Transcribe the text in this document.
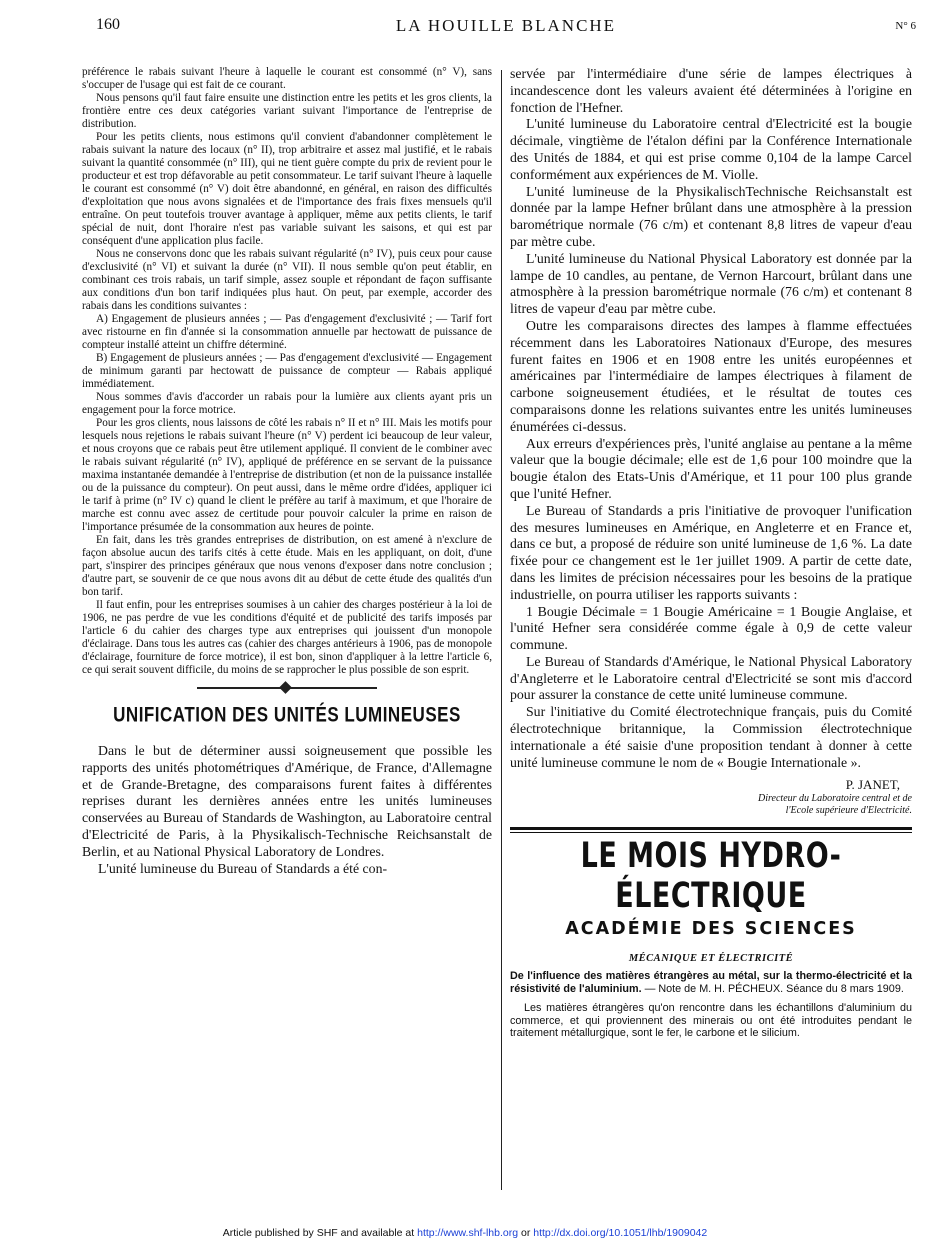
160	LA HOUILLE BLANCHE	N° 6

préférence le rabais suivant l'heure à laquelle le courant est consommé (n° V), sans s'occuper de l'usage qui est fait de ce courant.

Nous pensons qu'il faut faire ensuite une distinction entre les petits et les gros clients, la frontière entre ces deux catégories variant suivant l'importance de l'entreprise de distribution.

Pour les petits clients, nous estimons qu'il convient d'abandonner complètement le rabais suivant la nature des locaux (n° II), trop arbitraire et assez mal justifié, et le rabais suivant la quantité consommée (n° III), qui ne tient guère compte du prix de revient pour le producteur et est trop défavorable au petit consommateur. Le tarif suivant l'heure à laquelle le courant est consommé (n° V) doit être abandonné, en général, en raison des difficultés d'exploitation que nous avons signalées et de l'importance des frais fixes mensuels qu'il entraîne. On peut toutefois trouver avantage à appliquer, même aux petits clients, le tarif spécial de nuit, dont l'horaire n'est pas variable suivant les saisons, et qui est par conséquent d'une application plus facile.

Nous ne conservons donc que les rabais suivant régularité (n° IV), puis ceux pour cause d'exclusivité (n° VI) et suivant la durée (n° VII). Il nous semble qu'on peut établir, en combinant ces trois rabais, un tarif simple, assez souple et répondant de façon suffisante aux conditions d'un bon tarif indiquées plus haut. On peut, par exemple, accorder des rabais dans les conditions suivantes :

A) Engagement de plusieurs années ; — Pas d'engagement d'exclusivité ; — Tarif fort avec ristourne en fin d'année si la consommation annuelle par hectowatt de puissance de compteur installé atteint un chiffre déterminé.

B) Engagement de plusieurs années ; — Pas d'engagement d'exclusivité — Engagement de minimum garanti par hectowatt de puissance de compteur — Rabais appliqué immédiatement.

Nous sommes d'avis d'accorder un rabais pour la lumière aux clients ayant pris un engagement pour la force motrice.

Pour les gros clients, nous laissons de côté les rabais n° II et n° III. Mais les motifs pour lesquels nous rejetions le rabais suivant l'heure (n° V) perdent ici beaucoup de leur valeur, et nous croyons que ce rabais peut être utilement appliqué. Il convient de le combiner avec le rabais suivant régularité (n° IV), appliqué de préférence en se servant de la puissance maxima instantanée demandée à l'entreprise de distribution (et non de la puissance installée ou de la puissance du compteur). On peut aussi, dans le même ordre d'idées, appliquer ici le tarif à prime (n° IV c) quand le client le préfère au tarif à maximum, et que l'horaire de marche est connu avec assez de certitude pour pouvoir calculer la prime en raison de l'importance présumée de la consommation aux heures de pointe.

En fait, dans les très grandes entreprises de distribution, on est amené à n'exclure de façon absolue aucun des tarifs cités à cette étude. Mais en les appliquant, on doit, d'une part, s'inspirer des principes généraux que nous venons d'exposer dans notre conclusion ; d'autre part, se souvenir de ce que nous avons dit au début de cette étude des qualités d'un bon tarif.

Il faut enfin, pour les entreprises soumises à un cahier des charges postérieur à la loi de 1906, ne pas perdre de vue les conditions d'équité et de publicité des tarifs imposés par l'article 6 du cahier des charges type aux entreprises qui jouissent d'un monopole d'éclairage. Dans tous les autres cas (cahier des charges antérieurs à 1906, pas de monopole d'éclairage, fourniture de force motrice), il est bon, sinon d'appliquer à la lettre l'article 6, ce qui serait souvent difficile, du moins de se rapprocher le plus possible de son esprit.

UNIFICATION DES UNITÉS LUMINEUSES

Dans le but de déterminer aussi soigneusement que possible les rapports des unités photométriques d'Amérique, de France, d'Allemagne et de Grande-Bretagne, des comparaisons furent faites à différentes reprises durant les dernières années entre les unités lumineuses conservées au Bureau of Standards de Washington, au Laboratoire central d'Electricité de Paris, à la Physikalisch-Technische Reichsanstalt de Berlin, et au National Physical Laboratory de Londres.

L'unité lumineuse du Bureau of Standards a été con-

servée par l'intermédiaire d'une série de lampes électriques à incandescence dont les valeurs avaient été déterminées à l'origine en fonction de l'Hefner.

L'unité lumineuse du Laboratoire central d'Electricité est la bougie décimale, vingtième de l'étalon défini par la Conférence Internationale des Unités de 1884, et qui est prise comme 0,104 de la lampe Carcel conformément aux expériences de M. Violle.

L'unité lumineuse de la PhysikalischTechnische Reichsanstalt est donnée par la lampe Hefner brûlant dans une atmosphère à la pression barométrique normale (76 c/m) et contenant 8,8 litres de vapeur d'eau par mètre cube.

L'unité lumineuse du National Physical Laboratory est donnée par la lampe de 10 candles, au pentane, de Vernon Harcourt, brûlant dans une atmosphère à la pression barométrique normale (76 c/m) et contenant 8 litres de vapeur d'eau par mètre cube.

Outre les comparaisons directes des lampes à flamme effectuées récemment dans les Laboratoires Nationaux d'Europe, des mesures furent faites en 1906 et en 1908 entre les unités européennes et américaines par l'intermédiaire de lampes électriques à filament de carbone soigneusement étudiées, et le résultat de toutes ces comparaisons donne les relations suivantes entre les unités lumineuses énumérées ci-dessus.

Aux erreurs d'expériences près, l'unité anglaise au pentane a la même valeur que la bougie décimale; elle est de 1,6 pour 100 moindre que la bougie étalon des Etats-Unis d'Amérique, et 11 pour 100 plus grande que l'unité Hefner.

Le Bureau of Standards a pris l'initiative de provoquer l'unification des mesures lumineuses en Amérique, en Angleterre et en France et, dans ce but, a proposé de réduire son unité lumineuse de 1,6 %. La date fixée pour ce changement est le 1er juillet 1909. A partir de cette date, dans les limites de précision nécessaires pour les besoins de la pratique industrielle, on pourra utiliser les rapports suivants :

1 Bougie Décimale = 1 Bougie Américaine = 1 Bougie Anglaise, et l'unité Hefner sera considérée comme égale à 0,9 de cette valeur commune.

Le Bureau of Standards d'Amérique, le National Physical Laboratory d'Angleterre et le Laboratoire central d'Electricité se sont mis d'accord pour assurer la constance de cette unité lumineuse commune.

Sur l'initiative du Comité électrotechnique français, puis du Comité électrotechnique britannique, la Commission électrotechnique internationale a été saisie d'une proposition tendant à donner à cette unité lumineuse commune le nom de « Bougie Internationale ».

P. JANET,
Directeur du Laboratoire central et de
l'Ecole supérieure d'Electricité.
LE MOIS HYDRO-ÉLECTRIQUE
ACADÉMIE DES SCIENCES
MÉCANIQUE ET ÉLECTRICITÉ
De l'influence des matières étrangères au métal, sur la thermo-électricité et la résistivité de l'aluminium. — Note de M. H. PÉCHEUX. Séance du 8 mars 1909.

Les matières étrangères qu'on rencontre dans les échantillons d'aluminium du commerce, et qui proviennent des minerais ou ont été introduites pendant le traitement métallurgique, sont le fer, le carbone et le silicium.

Article published by SHF and available at http://www.shf-lhb.org or http://dx.doi.org/10.1051/lhb/1909042
